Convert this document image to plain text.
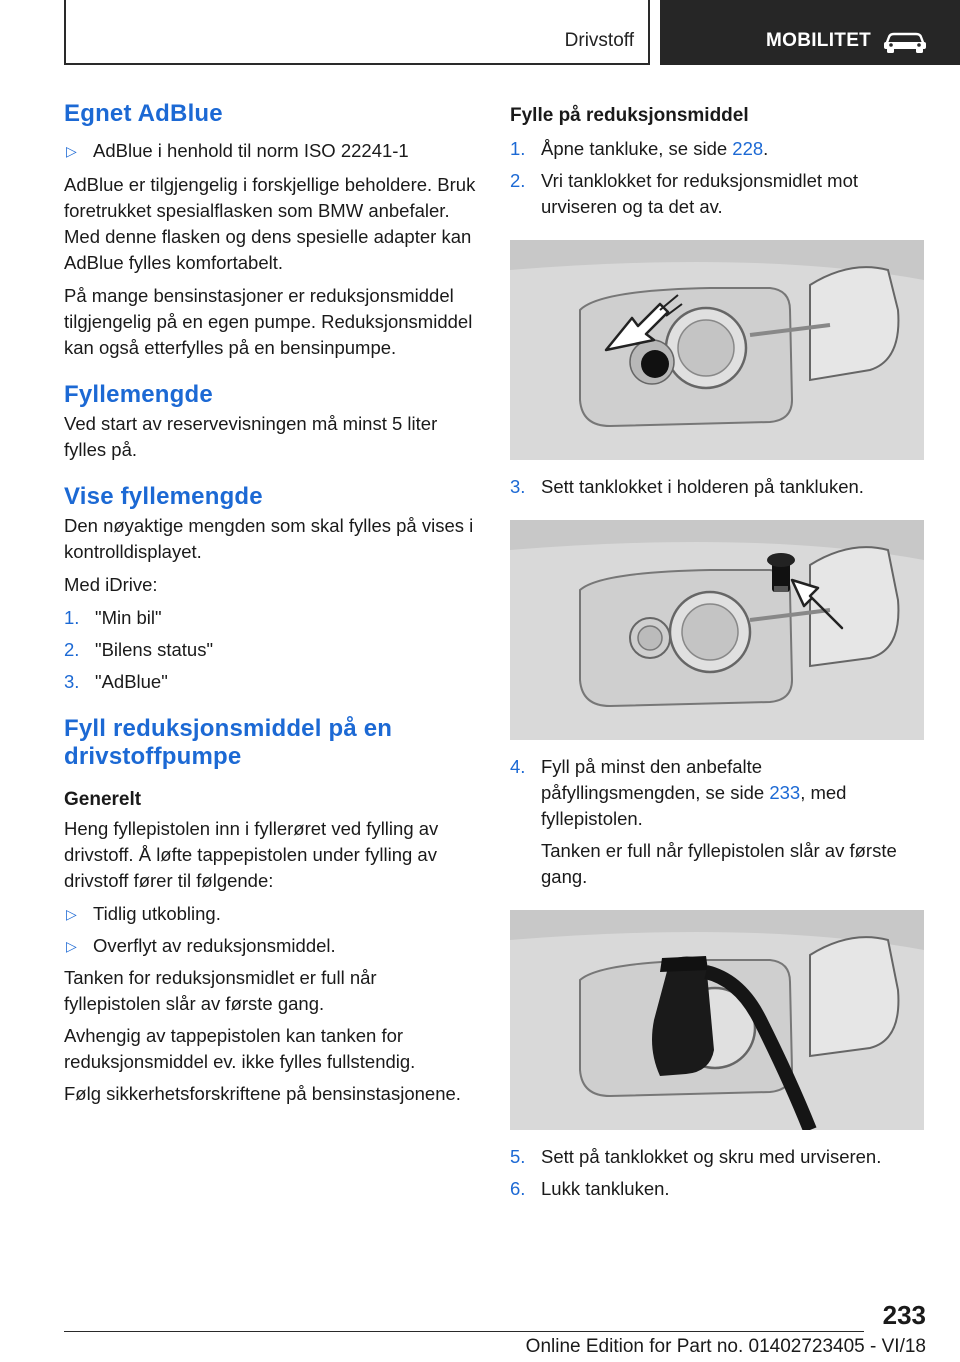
Drivstoff	MOBILITET
Egnet AdBlue
▷ AdBlue i henhold til norm ISO 22241-1

AdBlue er tilgjengelig i forskjellige beholdere. Bruk foretrukket spesialflasken som BMW anbefaler. Med denne flasken og dens spesielle adapter kan AdBlue fylles komfortabelt.

På mange bensinstasjoner er reduksjonsmiddel tilgjengelig på en egen pumpe. Reduksjonsmiddel kan også etterfylles på en bensinpumpe.

Fyllemengde

Ved start av reservevisningen må minst 5 liter fylles på.

Vise fyllemengde

Den nøyaktige mengden som skal fylles på vises i kontrolldisplayet.

Med iDrive:

1. "Min bil"
2. "Bilens status"
3. "AdBlue"
Fyll reduksjonsmiddel på en
drivstoffpumpe
Generelt

Heng fyllepistolen inn i fyllerøret ved fylling av drivstoff. Å løfte tappepistolen under fylling av drivstoff fører til følgende:

▷ Tidlig utkobling.
▷ Overflyt av reduksjonsmiddel.

Tanken for reduksjonsmidlet er full når fyllepistolen slår av første gang.

Avhengig av tappepistolen kan tanken for reduksjonsmiddel ev. ikke fylles fullstendig.

Følg sikkerhetsforskriftene på bensinstasjonene.

Fylle på reduksjonsmiddel
1. Åpne tankluke, se side 228.
2. Vri tanklokket for reduksjonsmidlet mot urviseren og ta det av.
3. Sett tanklokket i holderen på tankluken.
4. Fyll på minst den anbefalte påfyllingsmengden, se side 233, med fyllepistolen.
Tanken er full når fyllepistolen slår av første gang.
5. Sett på tanklokket og skru med urviseren.
6. Lukk tankluken.
233
Online Edition for Part no. 01402723405 - VI/18
